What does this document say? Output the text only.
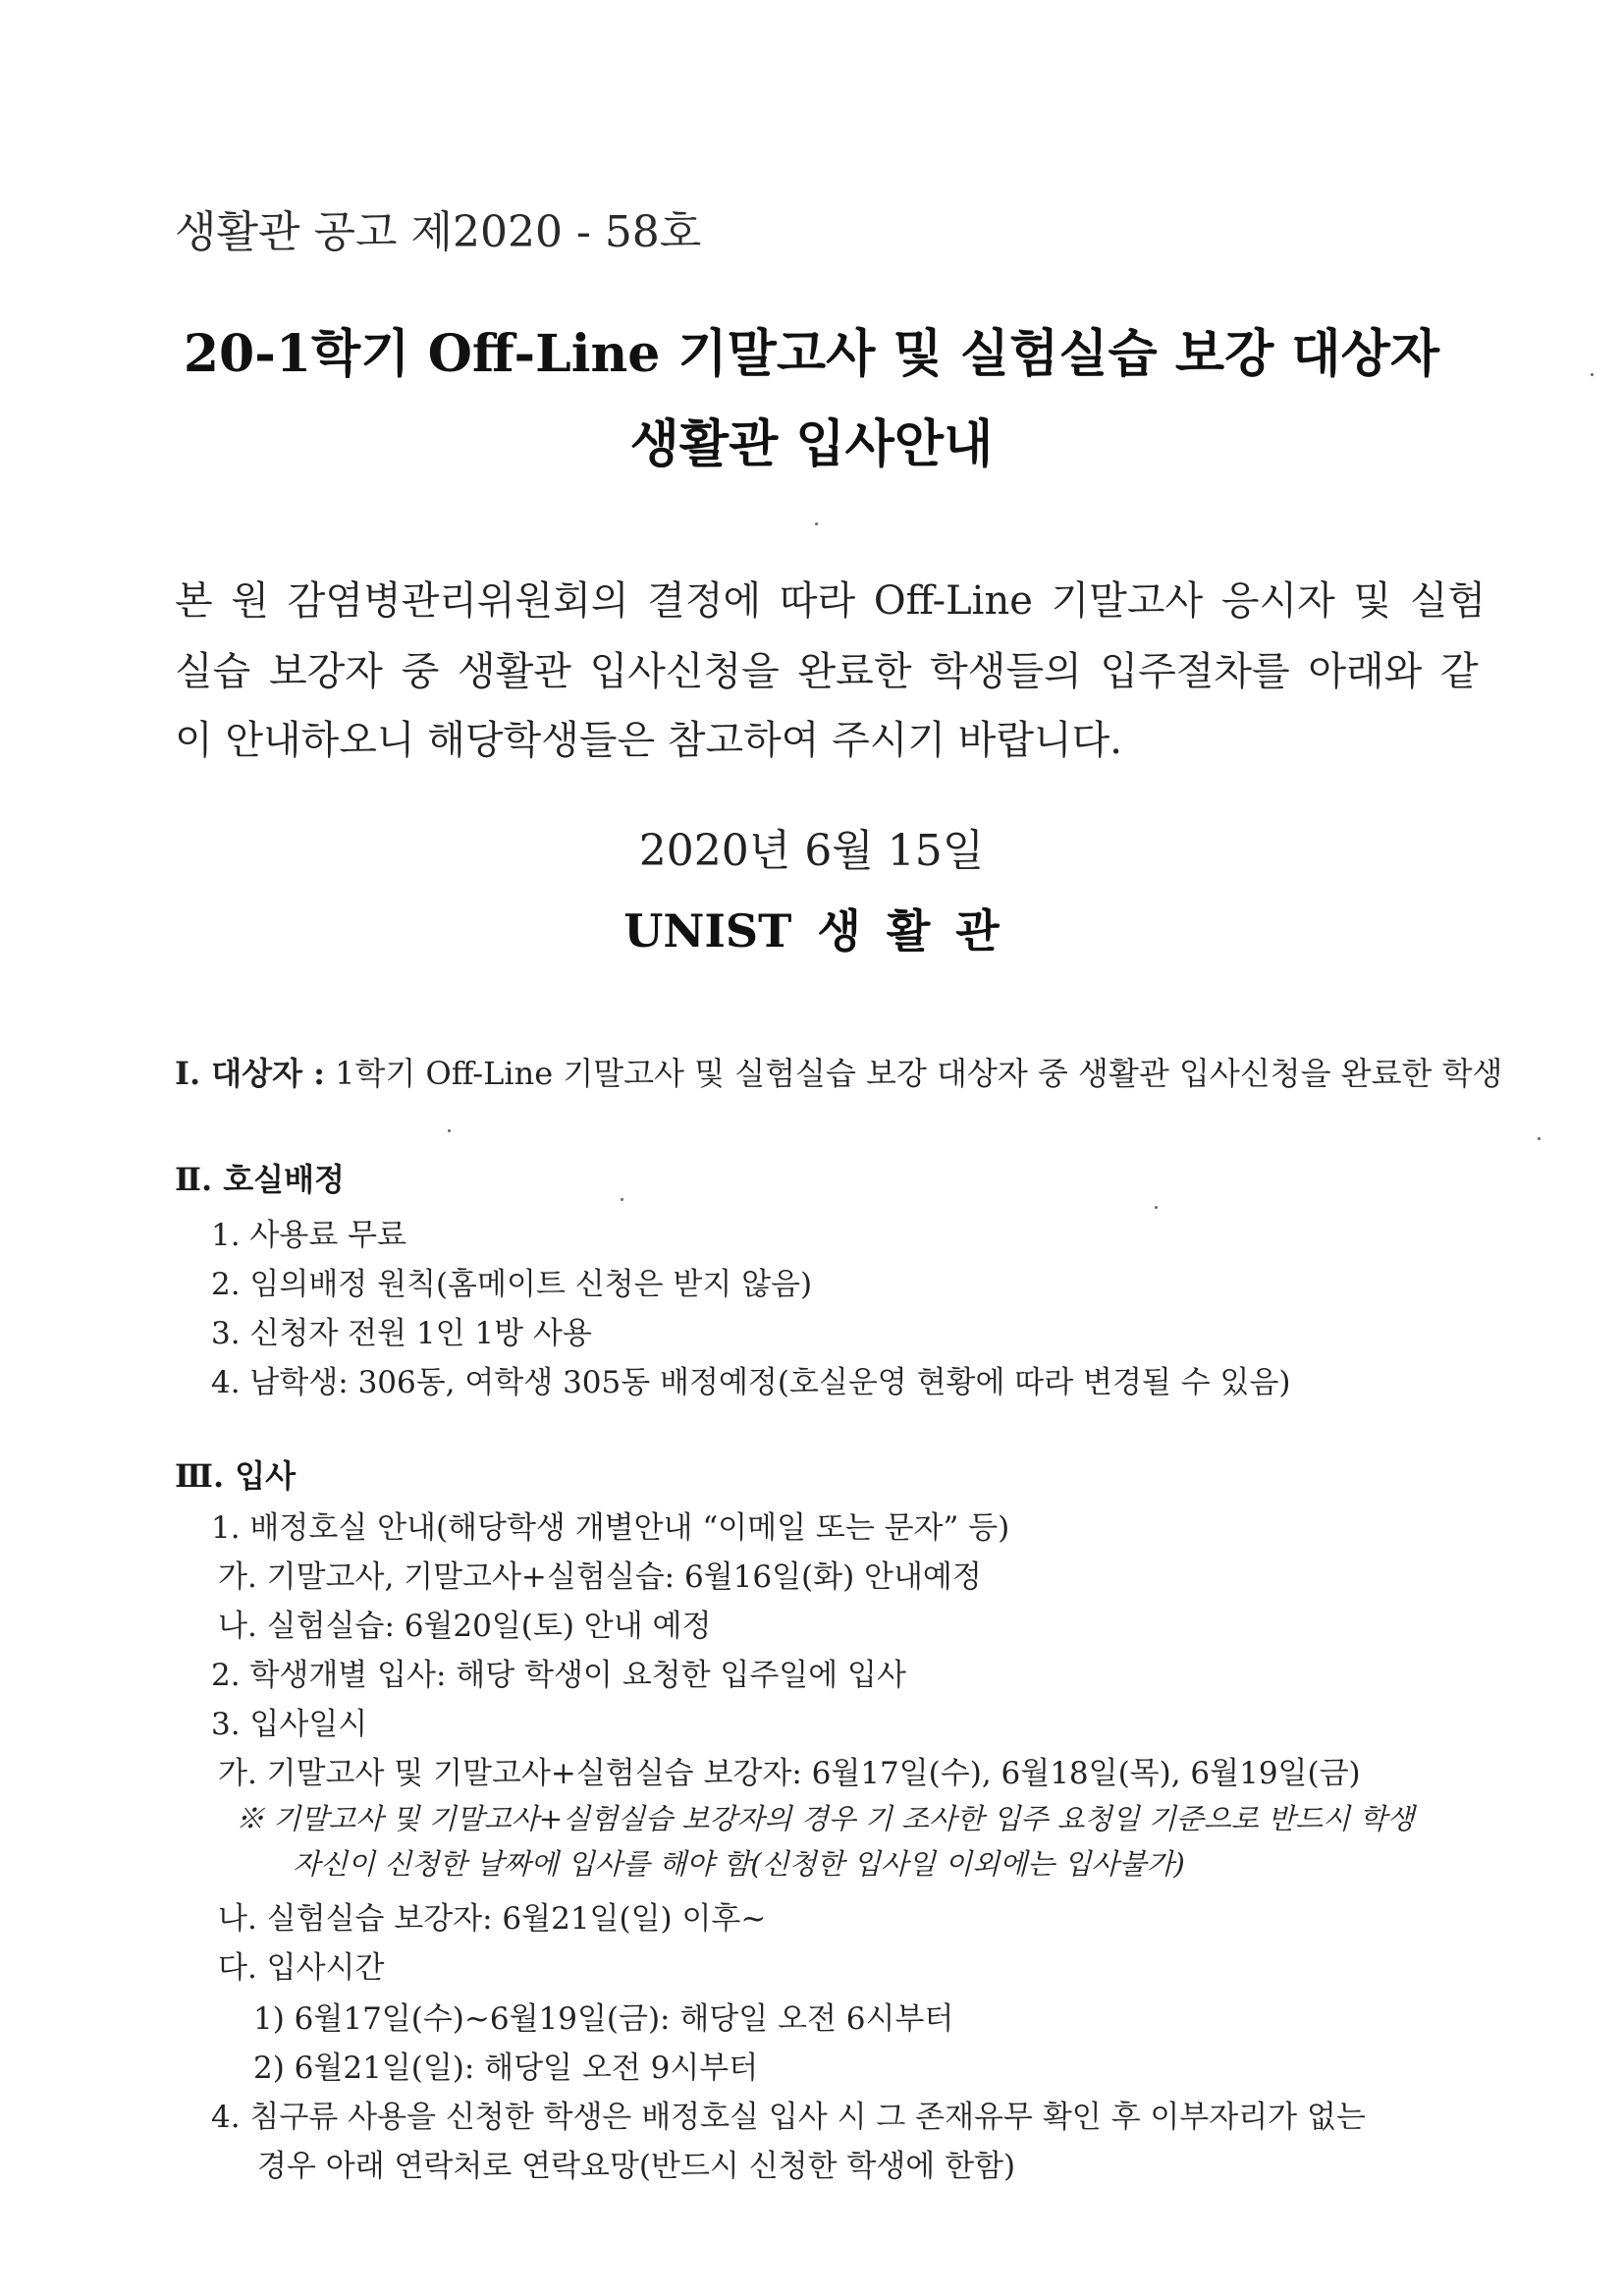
생활관 공고 제2020 - 58호
20-1학기 Off-Line 기말고사 및 실험실습 보강 대상자
생활관 입사안내
본 원 감염병관리위원회의 결정에 따라 Off-Line 기말고사 응시자 및 실험
실습 보강자 중 생활관 입사신청을 완료한 학생들의 입주절차를 아래와 같
이 안내하오니 해당학생들은 참고하여 주시기 바랍니다.
2020년 6월 15일
UNIST 생 활 관
Ⅰ. 대상자 : 1학기 Off-Line 기말고사 및 실험실습 보강 대상자 중 생활관 입사신청을 완료한 학생
Ⅱ. 호실배정
1. 사용료 무료
2. 임의배정 원칙(홈메이트 신청은 받지 않음)
3. 신청자 전원 1인 1방 사용
4. 남학생: 306동, 여학생 305동 배정예정(호실운영 현황에 따라 변경될 수 있음)
Ⅲ. 입사
1. 배정호실 안내(해당학생 개별안내 “이메일 또는 문자” 등)
가. 기말고사, 기말고사+실험실습: 6월16일(화) 안내예정
나. 실험실습: 6월20일(토) 안내 예정
2. 학생개별 입사: 해당 학생이 요청한 입주일에 입사
3. 입사일시
가. 기말고사 및 기말고사+실험실습 보강자: 6월17일(수), 6월18일(목), 6월19일(금)
※ 기말고사 및 기말고사+실험실습 보강자의 경우 기 조사한 입주 요청일 기준으로 반드시 학생
자신이 신청한 날짜에 입사를 해야 함(신청한 입사일 이외에는 입사불가)
나. 실험실습 보강자: 6월21일(일) 이후~
다. 입사시간
1) 6월17일(수)~6월19일(금): 해당일 오전 6시부터
2) 6월21일(일): 해당일 오전 9시부터
4. 침구류 사용을 신청한 학생은 배정호실 입사 시 그 존재유무 확인 후 이부자리가 없는
경우 아래 연락처로 연락요망(반드시 신청한 학생에 한함)
